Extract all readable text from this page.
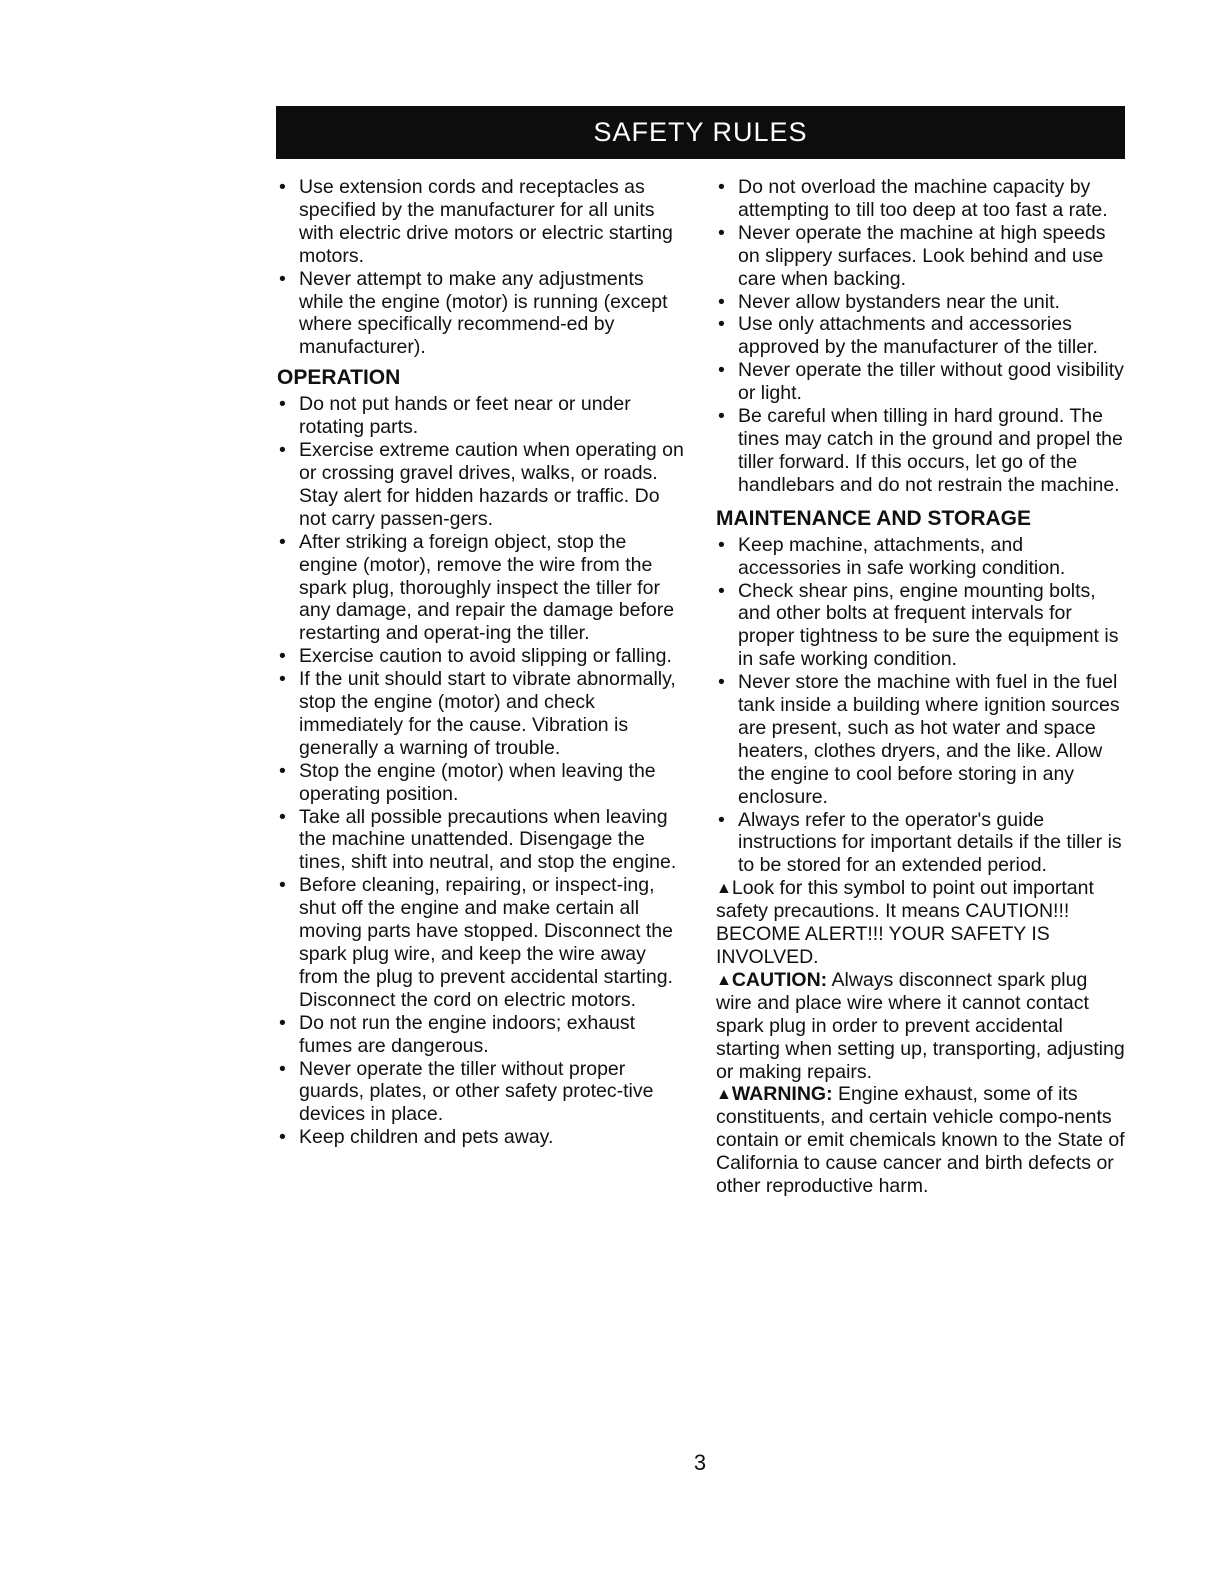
SAFETY RULES
• Use extension cords and receptacles as specified by the manufacturer for all units with electric drive motors or electric starting motors.
• Never attempt to make any adjustments while the engine (motor) is running (except where specifically recommend-ed by manufacturer).
OPERATION
• Do not put hands or feet near or under rotating parts.
• Exercise extreme caution when operating on or crossing gravel drives, walks, or roads. Stay alert for hidden hazards or traffic. Do not carry passen-gers.
• After striking a foreign object, stop the engine (motor), remove the wire from the spark plug, thoroughly inspect the tiller for any damage, and repair the damage before restarting and operat-ing the tiller.
• Exercise caution to avoid slipping or falling.
• If the unit should start to vibrate abnormally, stop the engine (motor) and check immediately for the cause. Vibration is generally a warning of trouble.
• Stop the engine (motor) when leaving the operating position.
• Take all possible precautions when leaving the machine unattended. Disengage the tines, shift into neutral, and stop the engine.
• Before cleaning, repairing, or inspect-ing, shut off the engine and make certain all moving parts have stopped. Disconnect the spark plug wire, and keep the wire away from the plug to prevent accidental starting. Disconnect the cord on electric motors.
• Do not run the engine indoors; exhaust fumes are dangerous.
• Never operate the tiller without proper guards, plates, or other safety protec-tive devices in place.
• Keep children and pets away.
• Do not overload the machine capacity by attempting to till too deep at too fast a rate.
• Never operate the machine at high speeds on slippery surfaces. Look behind and use care when backing.
• Never allow bystanders near the unit.
• Use only attachments and accessories approved by the manufacturer of the tiller.
• Never operate the tiller without good visibility or light.
• Be careful when tilling in hard ground. The tines may catch in the ground and propel the tiller forward. If this occurs, let go of the handlebars and do not restrain the machine.
MAINTENANCE AND STORAGE
• Keep machine, attachments, and accessories in safe working condition.
• Check shear pins, engine mounting bolts, and other bolts at frequent intervals for proper tightness to be sure the equipment is in safe working condition.
• Never store the machine with fuel in the fuel tank inside a building where ignition sources are present, such as hot water and space heaters, clothes dryers, and the like. Allow the engine to cool before storing in any enclosure.
• Always refer to the operator's guide instructions for important details if the tiller is to be stored for an extended period.

▲Look for this symbol to point out important safety precautions. It means CAUTION!!! BECOME ALERT!!! YOUR SAFETY IS INVOLVED.

▲CAUTION: Always disconnect spark plug wire and place wire where it cannot contact spark plug in order to prevent accidental starting when setting up, transporting, adjusting or making repairs.

▲WARNING: Engine exhaust, some of its constituents, and certain vehicle compo-nents contain or emit chemicals known to the State of California to cause cancer and birth defects or other reproductive harm.

3
